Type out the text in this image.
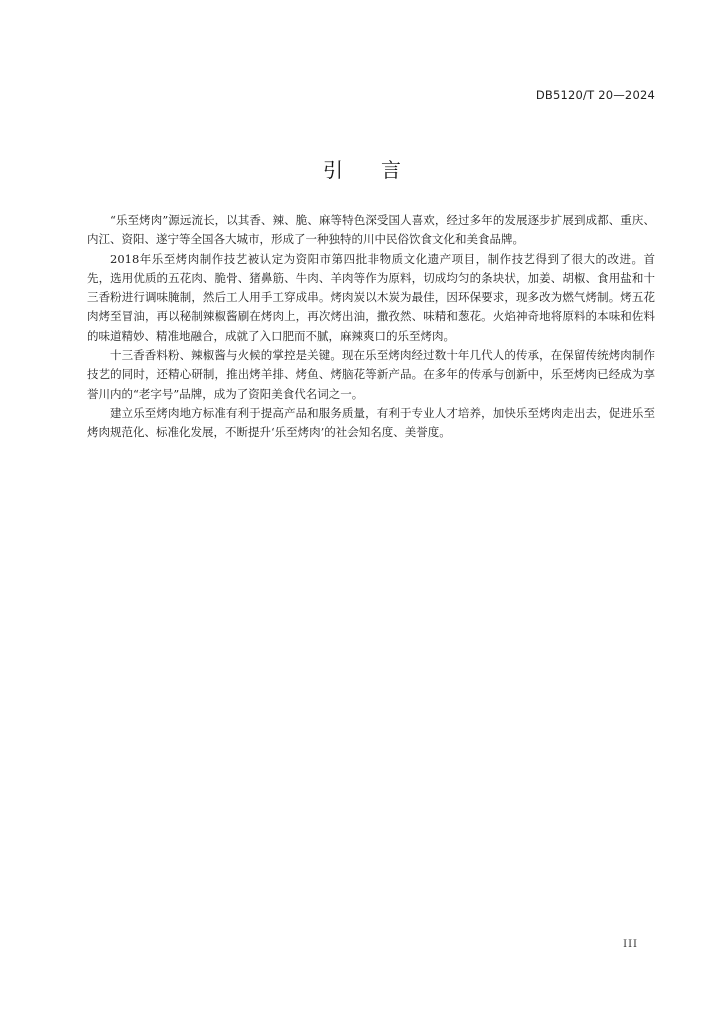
DB5120/T 20—2024
引言

“乐至烤肉”源远流长，以其香、辣、脆、麻等特色深受国人喜欢，经过多年的发展逐步扩展到成都、重庆、内江、资阳、遂宁等全国各大城市，形成了一种独特的川中民俗饮食文化和美食品牌。

2018年乐至烤肉制作技艺被认定为资阳市第四批非物质文化遗产项目，制作技艺得到了很大的改进。首先，选用优质的五花肉、脆骨、猪鼻筋、牛肉、羊肉等作为原料，切成均匀的条块状，加姜、胡椒、食用盐和十三香粉进行调味腌制，然后工人用手工穿成串。烤肉炭以木炭为最佳，因环保要求，现多改为燃气烤制。烤五花肉烤至冒油，再以秘制辣椒酱刷在烤肉上，再次烤出油，撒孜然、味精和葱花。火焰神奇地将原料的本味和佐料的味道精妙、精准地融合，成就了入口肥而不腻，麻辣爽口的乐至烤肉。

十三香香料粉、辣椒酱与火候的掌控是关键。现在乐至烤肉经过数十年几代人的传承，在保留传统烤肉制作技艺的同时，还精心研制，推出烤羊排、烤鱼、烤脑花等新产品。在多年的传承与创新中，乐至烤肉已经成为享誉川内的“老字号”品牌，成为了资阳美食代名词之一。

建立乐至烤肉地方标准有利于提高产品和服务质量，有利于专业人才培养，加快乐至烤肉走出去，促进乐至烤肉规范化、标准化发展，不断提升‘乐至烤肉’的社会知名度、美誉度。

III
